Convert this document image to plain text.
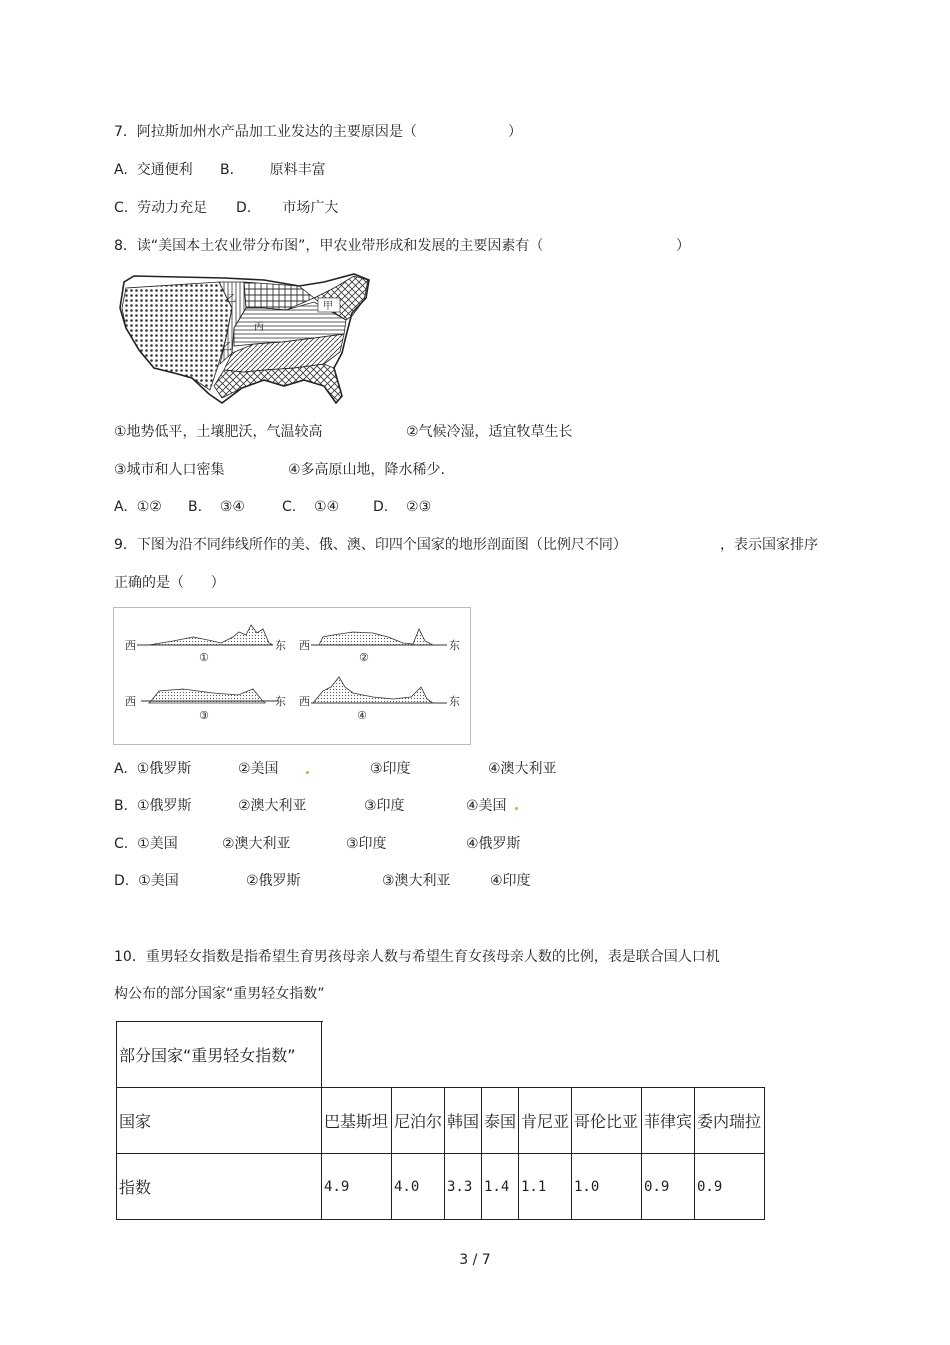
7．阿拉斯加州水产品加工业发达的主要原因是（	）
A. 交通便利 B.	原料丰富
C. 劳动力充足 D. 市场广大
8．读“美国本土农业带分布图”，甲农业带形成和发展的主要因素有（	）
乙
甲
丙
乙
①地势低平，土壤肥沃，气温较高	②气候冷湿，适宜牧草生长
③城市和人口密集	④多高原山地，降水稀少.
A. ①② B. ③④	C. ①④ D. ②③
9．下图为沿不同纬线所作的美、俄、澳、印四个国家的地形剖面图（比例尺不同）	，表示国家排序
正确的是（      ）
西	东
①
西	东
②
西	东
③
西	东
④
A. ①俄罗斯	②美国	③印度	④澳大利亚
B. ①俄罗斯	②澳大利亚	③印度	④美国
C. ①美国	②澳大利亚	③印度	④俄罗斯
D. ①美国	②俄罗斯	③澳大利亚	④印度
10．重男轻女指数是指希望生育男孩母亲人数与希望生育女孩母亲人数的比例，表是联合国人口机
构公布的部分国家“重男轻女指数”
部分国家“重男轻女指数”								
国家	巴基斯坦	尼泊尔	韩国	泰国	肯尼亚	哥伦比亚	菲律宾	委内瑞拉
指数	4.9	4.0	3.3	1.4	1.1	1.0	0.9	0.9
3 / 7
